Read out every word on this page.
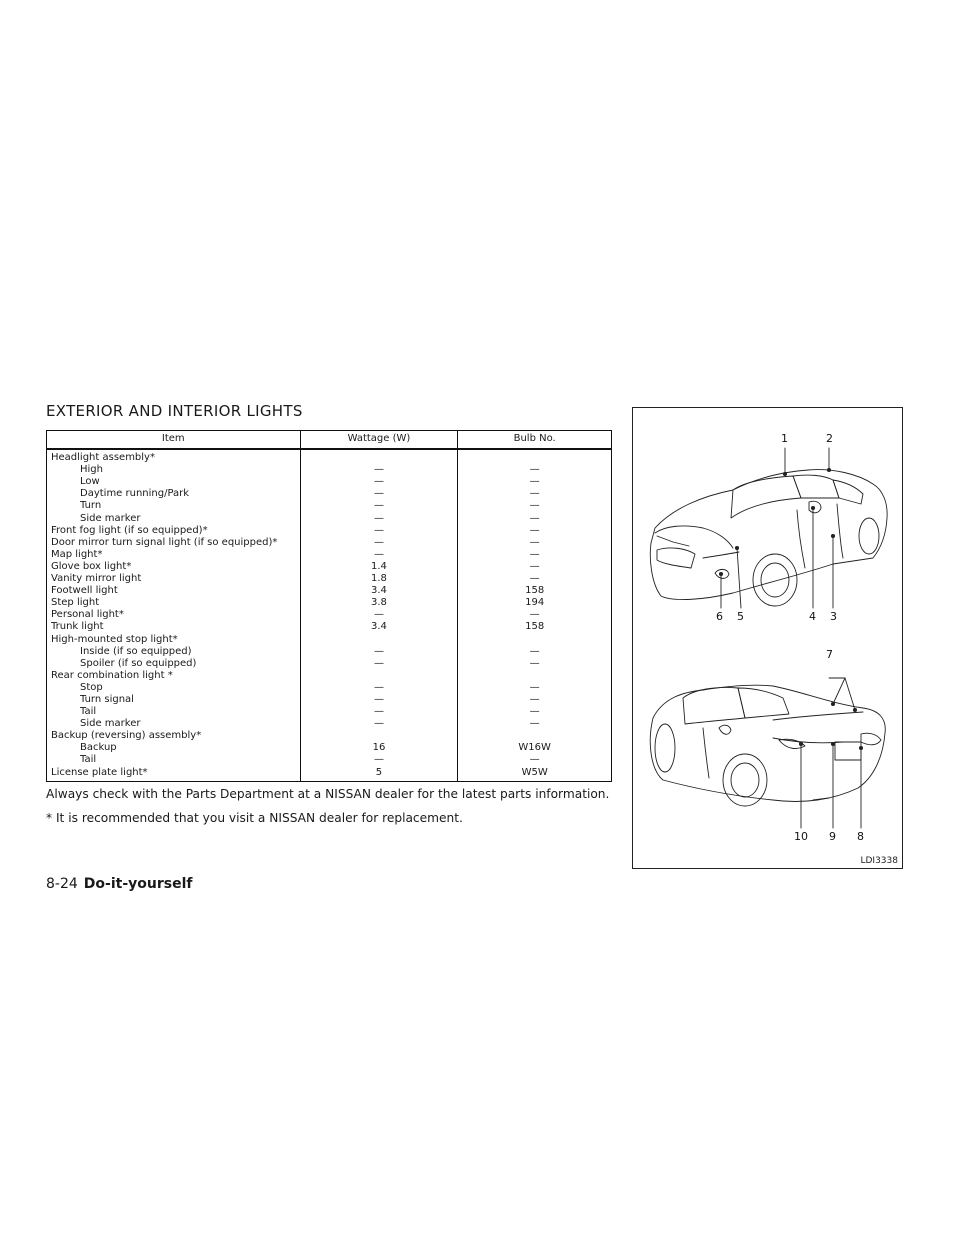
EXTERIOR AND INTERIOR LIGHTS
Item	Wattage (W)	Bulb No.
Headlight assembly*		
High	—	—
Low	—	—
Daytime running/Park	—	—
Turn	—	—
Side marker	—	—
Front fog light (if so equipped)*	—	—
Door mirror turn signal light (if so equipped)*	—	—
Map light*	—	—
Glove box light*	1.4	—
Vanity mirror light	1.8	—
Footwell light	3.4	158
Step light	3.8	194
Personal light*	—	—
Trunk light	3.4	158
High-mounted stop light*		
Inside (if so equipped)	—	—
Spoiler (if so equipped)	—	—
Rear combination light *		
Stop	—	—
Turn signal	—	—
Tail	—	—
Side marker	—	—
Backup (reversing) assembly*		
Backup	16	W16W
Tail	—	—
License plate light*	5	W5W

Always check with the Parts Department at a NISSAN dealer for the latest parts information.

* It is recommended that you visit a NISSAN dealer for replacement.

1	2
3
4
5
6
7
8
9
10
LDI3338
8-24 Do-it-yourself
